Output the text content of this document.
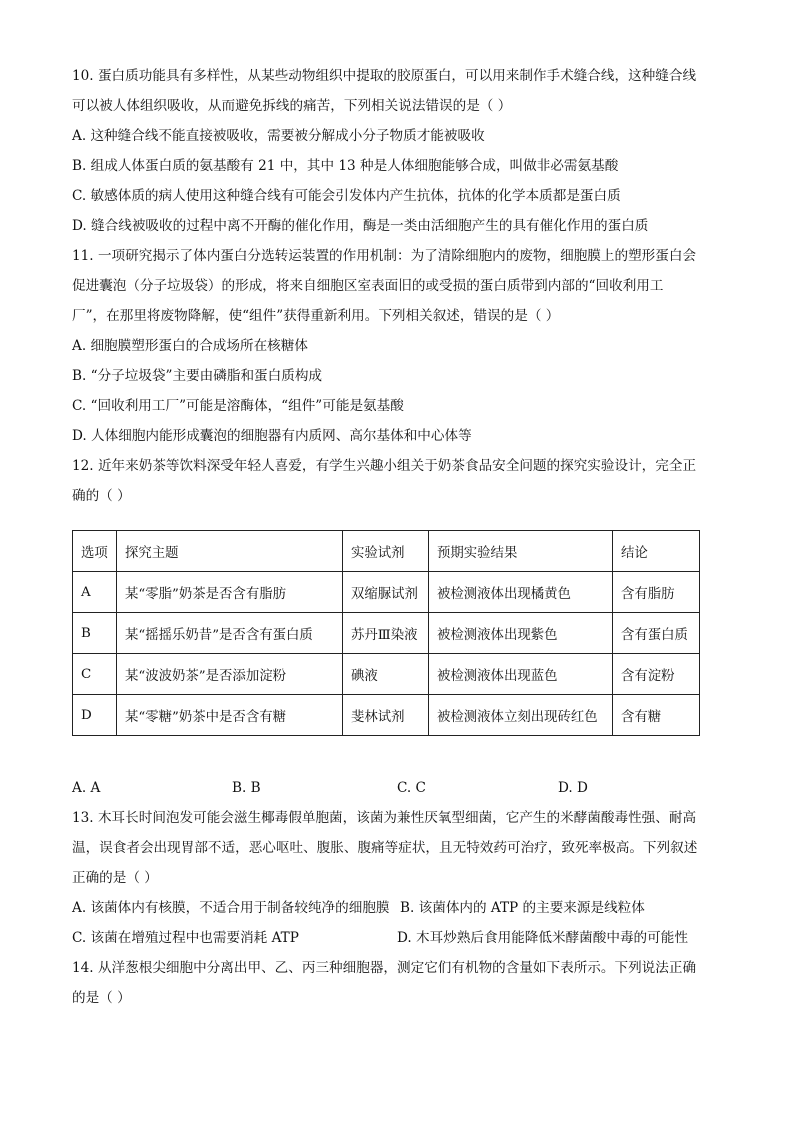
10. 蛋白质功能具有多样性，从某些动物组织中提取的胶原蛋白，可以用来制作手术缝合线，这种缝合线
可以被人体组织吸收，从而避免拆线的痛苦，下列相关说法错误的是（ ）
A. 这种缝合线不能直接被吸收，需要被分解成小分子物质才能被吸收
B. 组成人体蛋白质的氨基酸有 21 中，其中 13 种是人体细胞能够合成，叫做非必需氨基酸
C. 敏感体质的病人使用这种缝合线有可能会引发体内产生抗体，抗体的化学本质都是蛋白质
D. 缝合线被吸收的过程中离不开酶的催化作用，酶是一类由活细胞产生的具有催化作用的蛋白质
11. 一项研究揭示了体内蛋白分选转运装置的作用机制：为了清除细胞内的废物，细胞膜上的塑形蛋白会
促进囊泡（分子垃圾袋）的形成，将来自细胞区室表面旧的或受损的蛋白质带到内部的“回收利用工
厂”，在那里将废物降解，使“组件”获得重新利用。下列相关叙述，错误的是（ ）
A. 细胞膜塑形蛋白的合成场所在核糖体
B. “分子垃圾袋”主要由磷脂和蛋白质构成
C. “回收利用工厂”可能是溶酶体，“组件”可能是氨基酸
D. 人体细胞内能形成囊泡的细胞器有内质网、高尔基体和中心体等
12. 近年来奶茶等饮料深受年轻人喜爱，有学生兴趣小组关于奶茶食品安全问题的探究实验设计，完全正
确的（ ）
选项	探究主题	实验试剂	预期实验结果	结论
A	某“零脂”奶茶是否含有脂肪	双缩脲试剂	被检测液体出现橘黄色	含有脂肪
B	某“摇摇乐奶昔”是否含有蛋白质	苏丹Ⅲ染液	被检测液体出现紫色	含有蛋白质
C	某“波波奶茶”是否添加淀粉	碘液	被检测液体出现蓝色	含有淀粉
D	某“零糖”奶茶中是否含有糖	斐林试剂	被检测液体立刻出现砖红色	含有糖
A. A	B. B	C. C	D. D
13. 木耳长时间泡发可能会滋生椰毒假单胞菌，该菌为兼性厌氧型细菌，它产生的米酵菌酸毒性强、耐高
温，误食者会出现胃部不适，恶心呕吐、腹胀、腹痛等症状，且无特效药可治疗，致死率极高。下列叙述
正确的是（ ）
A. 该菌体内有核膜，不适合用于制备较纯净的细胞膜 B. 该菌体内的 ATP 的主要来源是线粒体
C. 该菌在增殖过程中也需要消耗 ATP	D. 木耳炒熟后食用能降低米酵菌酸中毒的可能性
14. 从洋葱根尖细胞中分离出甲、乙、丙三种细胞器，测定它们有机物的含量如下表所示。下列说法正确
的是（ ）
